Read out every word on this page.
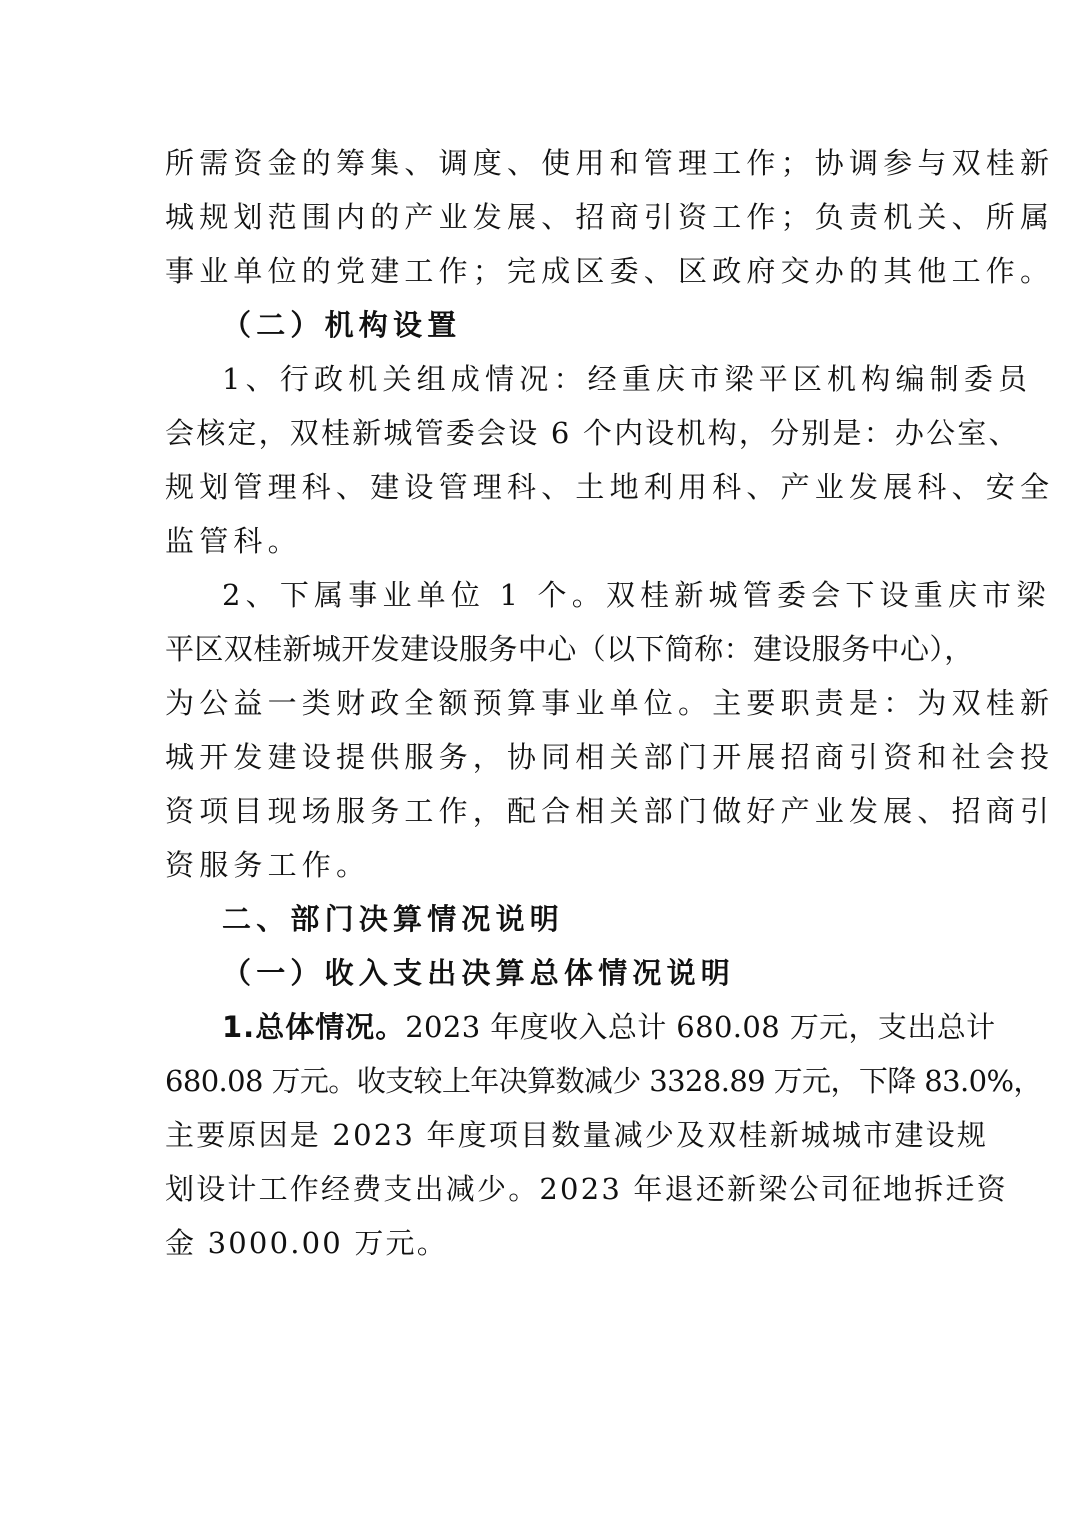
所需资金的筹集、调度、使用和管理工作；协调参与双桂新
城规划范围内的产业发展、招商引资工作；负责机关、所属
事业单位的党建工作；完成区委、区政府交办的其他工作。
（二）机构设置
1、行政机关组成情况：经重庆市梁平区机构编制委员
会核定，双桂新城管委会设 6 个内设机构，分别是：办公室、
规划管理科、建设管理科、土地利用科、产业发展科、安全
监管科。
2、下属事业单位 1 个。双桂新城管委会下设重庆市梁
平区双桂新城开发建设服务中心（以下简称：建设服务中心），
为公益一类财政全额预算事业单位。主要职责是：为双桂新
城开发建设提供服务，协同相关部门开展招商引资和社会投
资项目现场服务工作，配合相关部门做好产业发展、招商引
资服务工作。
二、部门决算情况说明
（一）收入支出决算总体情况说明
1.总体情况。2023 年度收入总计 680.08 万元，支出总计
680.08 万元。收支较上年决算数减少 3328.89 万元，下降 83.0%，
主要原因是 2023 年度项目数量减少及双桂新城城市建设规
划设计工作经费支出减少。2023 年退还新梁公司征地拆迁资
金 3000.00 万元。
